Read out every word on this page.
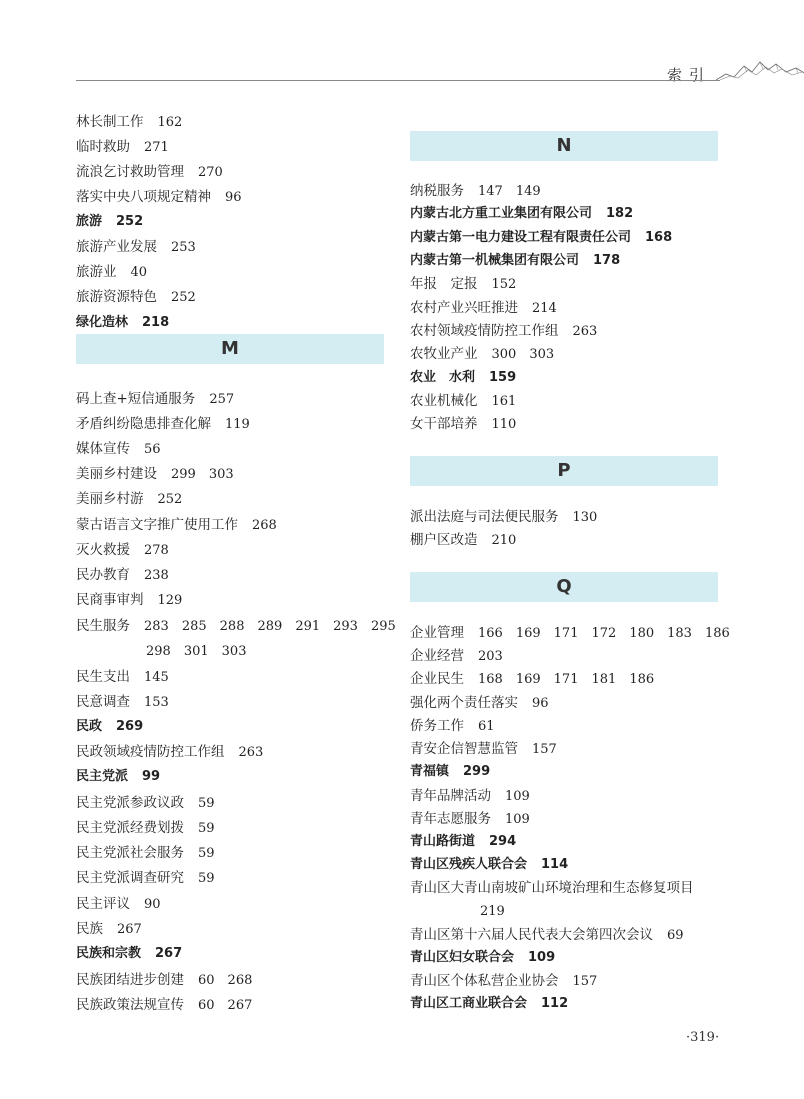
索引
林长制工作 162
临时救助 271
流浪乞讨救助管理 270
落实中央八项规定精神 96
旅游 252
旅游产业发展 253
旅游业 40
旅游资源特色 252
绿化造林 218
M
码上查+短信通服务 257
矛盾纠纷隐患排查化解 119
媒体宣传 56
美丽乡村建设 299 303
美丽乡村游 252
蒙古语言文字推广使用工作 268
灭火救援 278
民办教育 238
民商事审判 129
民生服务 283 285 288 289 291 293 295
298 301 303
民生支出 145
民意调查 153
民政 269
民政领域疫情防控工作组 263
民主党派 99
民主党派参政议政 59
民主党派经费划拨 59
民主党派社会服务 59
民主党派调查研究 59
民主评议 90
民族 267
民族和宗教 267
民族团结进步创建 60 268
民族政策法规宣传 60 267
N
纳税服务 147 149
内蒙古北方重工业集团有限公司 182
内蒙古第一电力建设工程有限责任公司 168
内蒙古第一机械集团有限公司 178
年报　定报 152
农村产业兴旺推进 214
农村领域疫情防控工作组 263
农牧业产业 300 303
农业　水利 159
农业机械化 161
女干部培养 110
P
派出法庭与司法便民服务 130
棚户区改造 210
Q
企业管理 166 169 171 172 180 183 186
企业经营 203
企业民生 168 169 171 181 186
强化两个责任落实 96
侨务工作 61
青安企信智慧监管 157
青福镇 299
青年品牌活动 109
青年志愿服务 109
青山路街道 294
青山区残疾人联合会 114
青山区大青山南坡矿山环境治理和生态修复项目
219
青山区第十六届人民代表大会第四次会议 69
青山区妇女联合会 109
青山区个体私营企业协会 157
青山区工商业联合会 112
·319·
